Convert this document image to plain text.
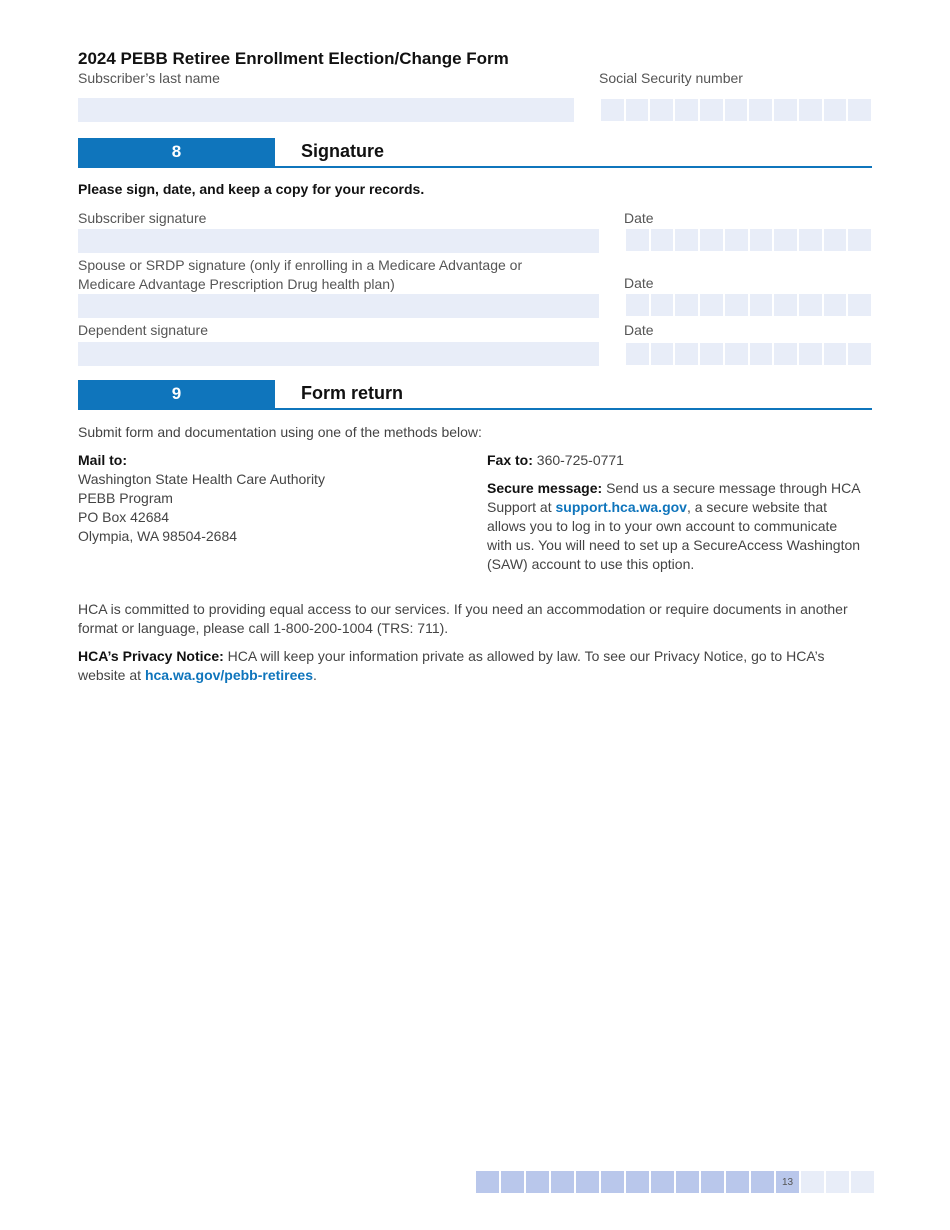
2024 PEBB Retiree Enrollment Election/Change Form
Subscriber’s last name	Social Security number
8	Signature
Please sign, date, and keep a copy for your records.
Subscriber signature	Date
Spouse or SRDP signature (only if enrolling in a Medicare Advantage or
Medicare Advantage Prescription Drug health plan)	Date
Dependent signature	Date
9	Form return
Submit form and documentation using one of the methods below:
Mail to:
Washington State Health Care Authority
PEBB Program
PO Box 42684
Olympia, WA 98504-2684
Fax to: 360-725-0771
Secure message: Send us a secure message through HCA Support at support.hca.wa.gov, a secure website that allows you to log in to your own account to communicate with us. You will need to set up a SecureAccess Washington (SAW) account to use this option.
HCA is committed to providing equal access to our services. If you need an accommodation or require documents in another format or language, please call 1-800-200-1004 (TRS: 711).
HCA’s Privacy Notice: HCA will keep your information private as allowed by law. To see our Privacy Notice, go to HCA’s website at hca.wa.gov/pebb-retirees.
13
